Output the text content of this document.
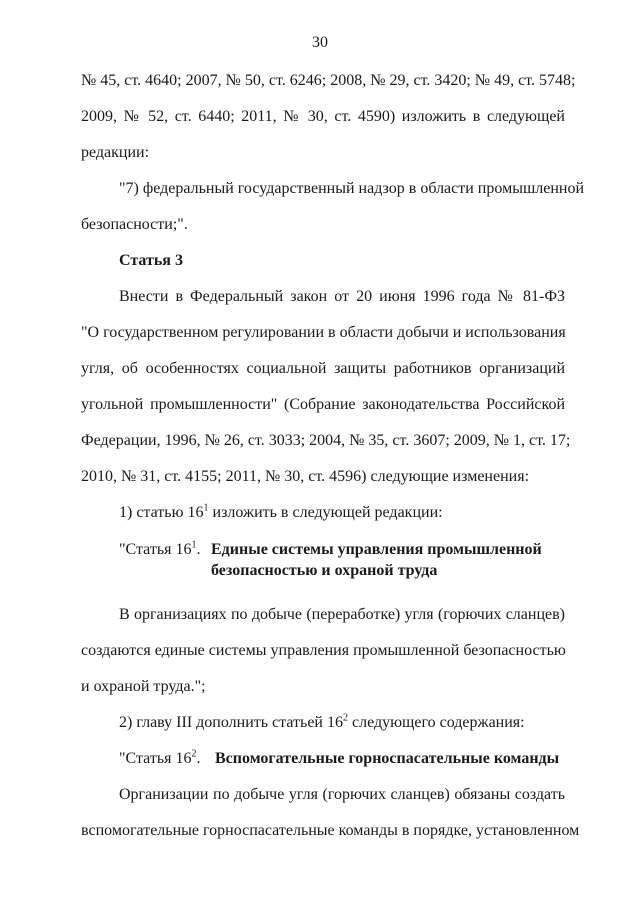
30
№ 45, ст. 4640; 2007, № 50, ст. 6246; 2008, № 29, ст. 3420; № 49, ст. 5748;
2009, № 52, ст. 6440; 2011, № 30, ст. 4590) изложить в следующей
редакции:
"7) федеральный государственный надзор в области промышленной
безопасности;".
Статья 3
Внести в Федеральный закон от 20 июня 1996 года № 81-ФЗ
"О государственном регулировании в области добычи и использования
угля, об особенностях социальной защиты работников организаций
угольной промышленности" (Собрание законодательства Российской
Федерации, 1996, № 26, ст. 3033; 2004, № 35, ст. 3607; 2009, № 1, ст. 17;
2010, № 31, ст. 4155; 2011, № 30, ст. 4596) следующие изменения:
1) статью $16^1$ изложить в следующей редакции:
"Статья $16^1$. Единые системы управления промышленной
безопасностью и охраной труда
В организациях по добыче (переработке) угля (горючих сланцев)
создаются единые системы управления промышленной безопасностью
и охраной труда.";
2) главу III дополнить статьей $16^2$ следующего содержания:
"Статья $16^2$. Вспомогательные горноспасательные команды
Организации по добыче угля (горючих сланцев) обязаны создать
вспомогательные горноспасательные команды в порядке, установленном
